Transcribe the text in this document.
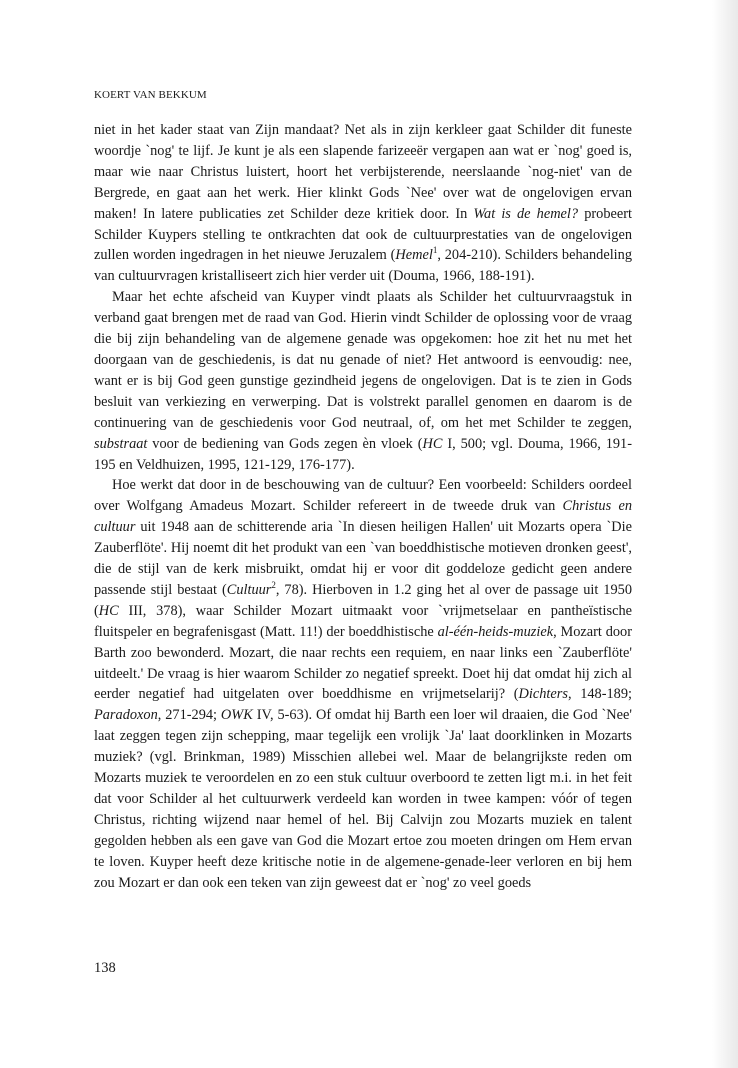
KOERT VAN BEKKUM

niet in het kader staat van Zijn mandaat? Net als in zijn kerkleer gaat Schilder dit funeste woordje `nog' te lijf. Je kunt je als een slapende farizeeër vergapen aan wat er `nog' goed is, maar wie naar Christus luistert, hoort het verbijsterende, neerslaande `nog-niet' van de Bergrede, en gaat aan het werk. Hier klinkt Gods `Nee' over wat de ongelovigen ervan maken! In latere publicaties zet Schilder deze kritiek door. In Wat is de hemel? probeert Schilder Kuypers stelling te ontkrachten dat ook de cultuurprestaties van de ongelovigen zullen worden ingedragen in het nieuwe Jeruzalem (Hemel$^1$, 204-210). Schilders behandeling van cultuurvragen kristalliseert zich hier verder uit (Douma, 1966, 188-191).

Maar het echte afscheid van Kuyper vindt plaats als Schilder het cultuurvraagstuk in verband gaat brengen met de raad van God. Hierin vindt Schilder de oplossing voor de vraag die bij zijn behandeling van de algemene genade was opgekomen: hoe zit het nu met het doorgaan van de geschiedenis, is dat nu genade of niet? Het antwoord is eenvoudig: nee, want er is bij God geen gunstige gezindheid jegens de ongelovigen. Dat is te zien in Gods besluit van verkiezing en verwerping. Dat is volstrekt parallel genomen en daarom is de continuering van de geschiedenis voor God neutraal, of, om het met Schilder te zeggen, substraat voor de bediening van Gods zegen èn vloek (HC I, 500; vgl. Douma, 1966, 191-195 en Veldhuizen, 1995, 121-129, 176-177).

Hoe werkt dat door in de beschouwing van de cultuur? Een voorbeeld: Schilders oordeel over Wolfgang Amadeus Mozart. Schilder refereert in de tweede druk van Christus en cultuur uit 1948 aan de schitterende aria `In diesen heiligen Hallen' uit Mozarts opera `Die Zauberflöte'. Hij noemt dit het produkt van een `van boeddhistische motieven dronken geest', die de stijl van de kerk misbruikt, omdat hij er voor dit goddeloze gedicht geen andere passende stijl bestaat (Cultuur$^2$, 78). Hierboven in 1.2 ging het al over de passage uit 1950 (HC III, 378), waar Schilder Mozart uitmaakt voor `vrijmetselaar en pantheïstische fluitspeler en begrafenisgast (Matt. 11!) der boeddhistische al-één-heids-muziek, Mozart door Barth zoo bewonderd. Mozart, die naar rechts een requiem, en naar links een `Zauberflöte' uitdeelt.' De vraag is hier waarom Schilder zo negatief spreekt. Doet hij dat omdat hij zich al eerder negatief had uitgelaten over boeddhisme en vrijmetselarij? (Dichters, 148-189; Paradoxon, 271-294; OWK IV, 5-63). Of omdat hij Barth een loer wil draaien, die God `Nee' laat zeggen tegen zijn schepping, maar tegelijk een vrolijk `Ja' laat doorklinken in Mozarts muziek? (vgl. Brinkman, 1989) Misschien allebei wel. Maar de belangrijkste reden om Mozarts muziek te veroordelen en zo een stuk cultuur overboord te zetten ligt m.i. in het feit dat voor Schilder al het cultuurwerk verdeeld kan worden in twee kampen: vóór of tegen Christus, richting wijzend naar hemel of hel. Bij Calvijn zou Mozarts muziek en talent gegolden hebben als een gave van God die Mozart ertoe zou moeten dringen om Hem ervan te loven. Kuyper heeft deze kritische notie in de algemene-genade-leer verloren en bij hem zou Mozart er dan ook een teken van zijn geweest dat er `nog' zo veel goeds

138
